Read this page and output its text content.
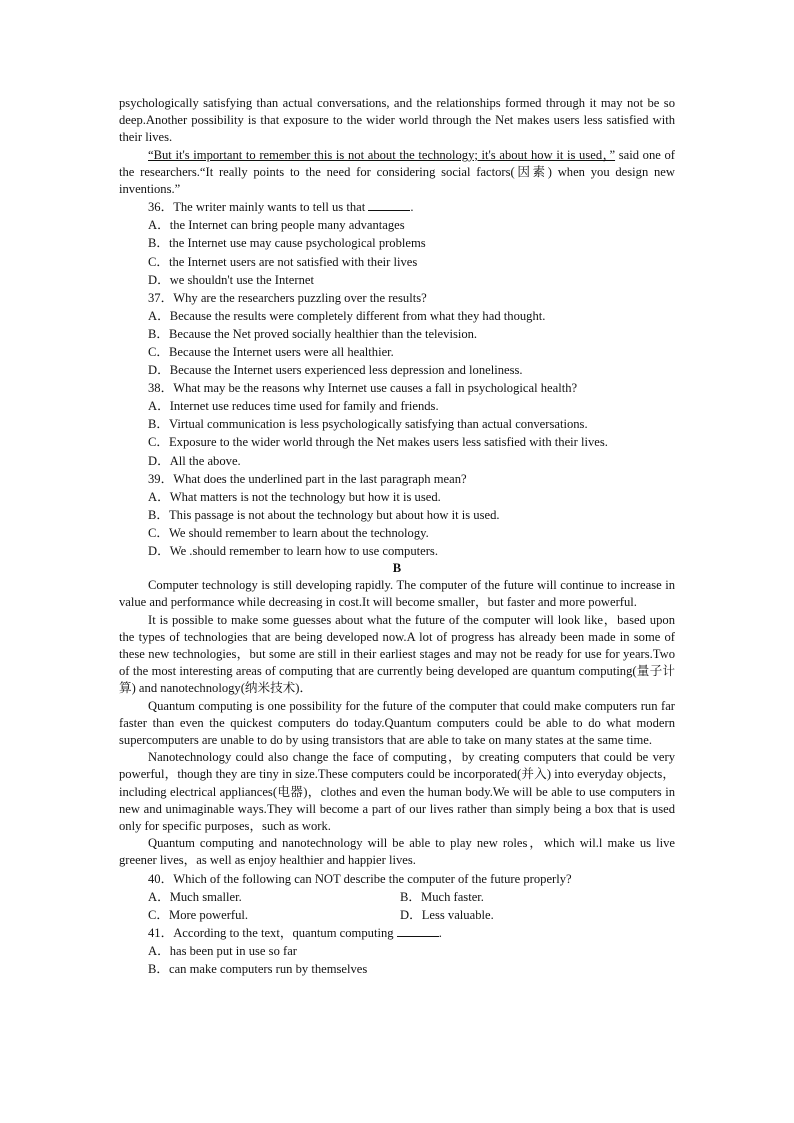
psychologically satisfying than actual conversations, and the relationships formed through it may not be so deep.Another possibility is that exposure to the wider world through the Net makes users less satisfied with their lives.

“But it's important to remember this is not about the technology; it's about how it is used，” said one of the researchers.“It really points to the need for considering social factors(因素) when you design new inventions.”

36．The writer mainly wants to tell us that	.

A．the Internet can bring people many advantages

B．the Internet use may cause psychological problems

C．the Internet users are not satisfied with their lives

D．we shouldn't use the Internet

37．Why are the researchers puzzling over the results?

A．Because the results were completely different from what they had thought.

B．Because the Net proved socially healthier than the television.

C．Because the Internet users were all healthier.

D．Because the Internet users experienced less depression and loneliness.

38．What may be the reasons why Internet use causes a fall in psychological health?

A．Internet use reduces time used for family and friends.

B．Virtual communication is less psychologically satisfying than actual conversations.

C．Exposure to the wider world through the Net makes users less satisfied with their lives.

D．All the above.

39．What does the underlined part in the last paragraph mean?

A．What matters is not the technology but how it is used.

B．This passage is not about the technology but about how it is used.

C．We should remember to learn about the technology.

D．We .should remember to learn how to use computers.

B

Computer technology is still developing rapidly. The computer of the future will continue to increase in value and performance while decreasing in cost.It will become smaller，but faster and more powerful.

It is possible to make some guesses about what the future of the computer will look like，based upon the types of technologies that are being developed now.A lot of progress has already been made in some of these new technologies，but some are still in their earliest stages and may not be ready for use for years.Two of the most interesting areas of computing that are currently being developed are quantum computing(量子计算) and nanotechnology(纳米技术)．

Quantum computing is one possibility for the future of the computer that could make computers run far faster than even the quickest computers do today.Quantum computers could be able to do what modern supercomputers are unable to do by using transistors that are able to take on many states at the same time.

Nanotechnology could also change the face of computing，by creating computers that could be very powerful，though they are tiny in size.These computers could be incorporated(并入) into everyday objects，including electrical appliances(电器)，clothes and even the human body.We will be able to use computers in new and unimaginable ways.They will become a part of our lives rather than simply being a box that is used only for specific purposes，such as work.

Quantum computing and nanotechnology will be able to play new roles，which wil.l make us live greener lives，as well as enjoy healthier and happier lives.

40．Which of the following can NOT describe the computer of the future properly?

A．Much smaller.	B．Much faster.
C．More powerful.	D．Less valuable.

41．According to the text，quantum computing	.

A．has been put in use so far

B．can make computers run by themselves
